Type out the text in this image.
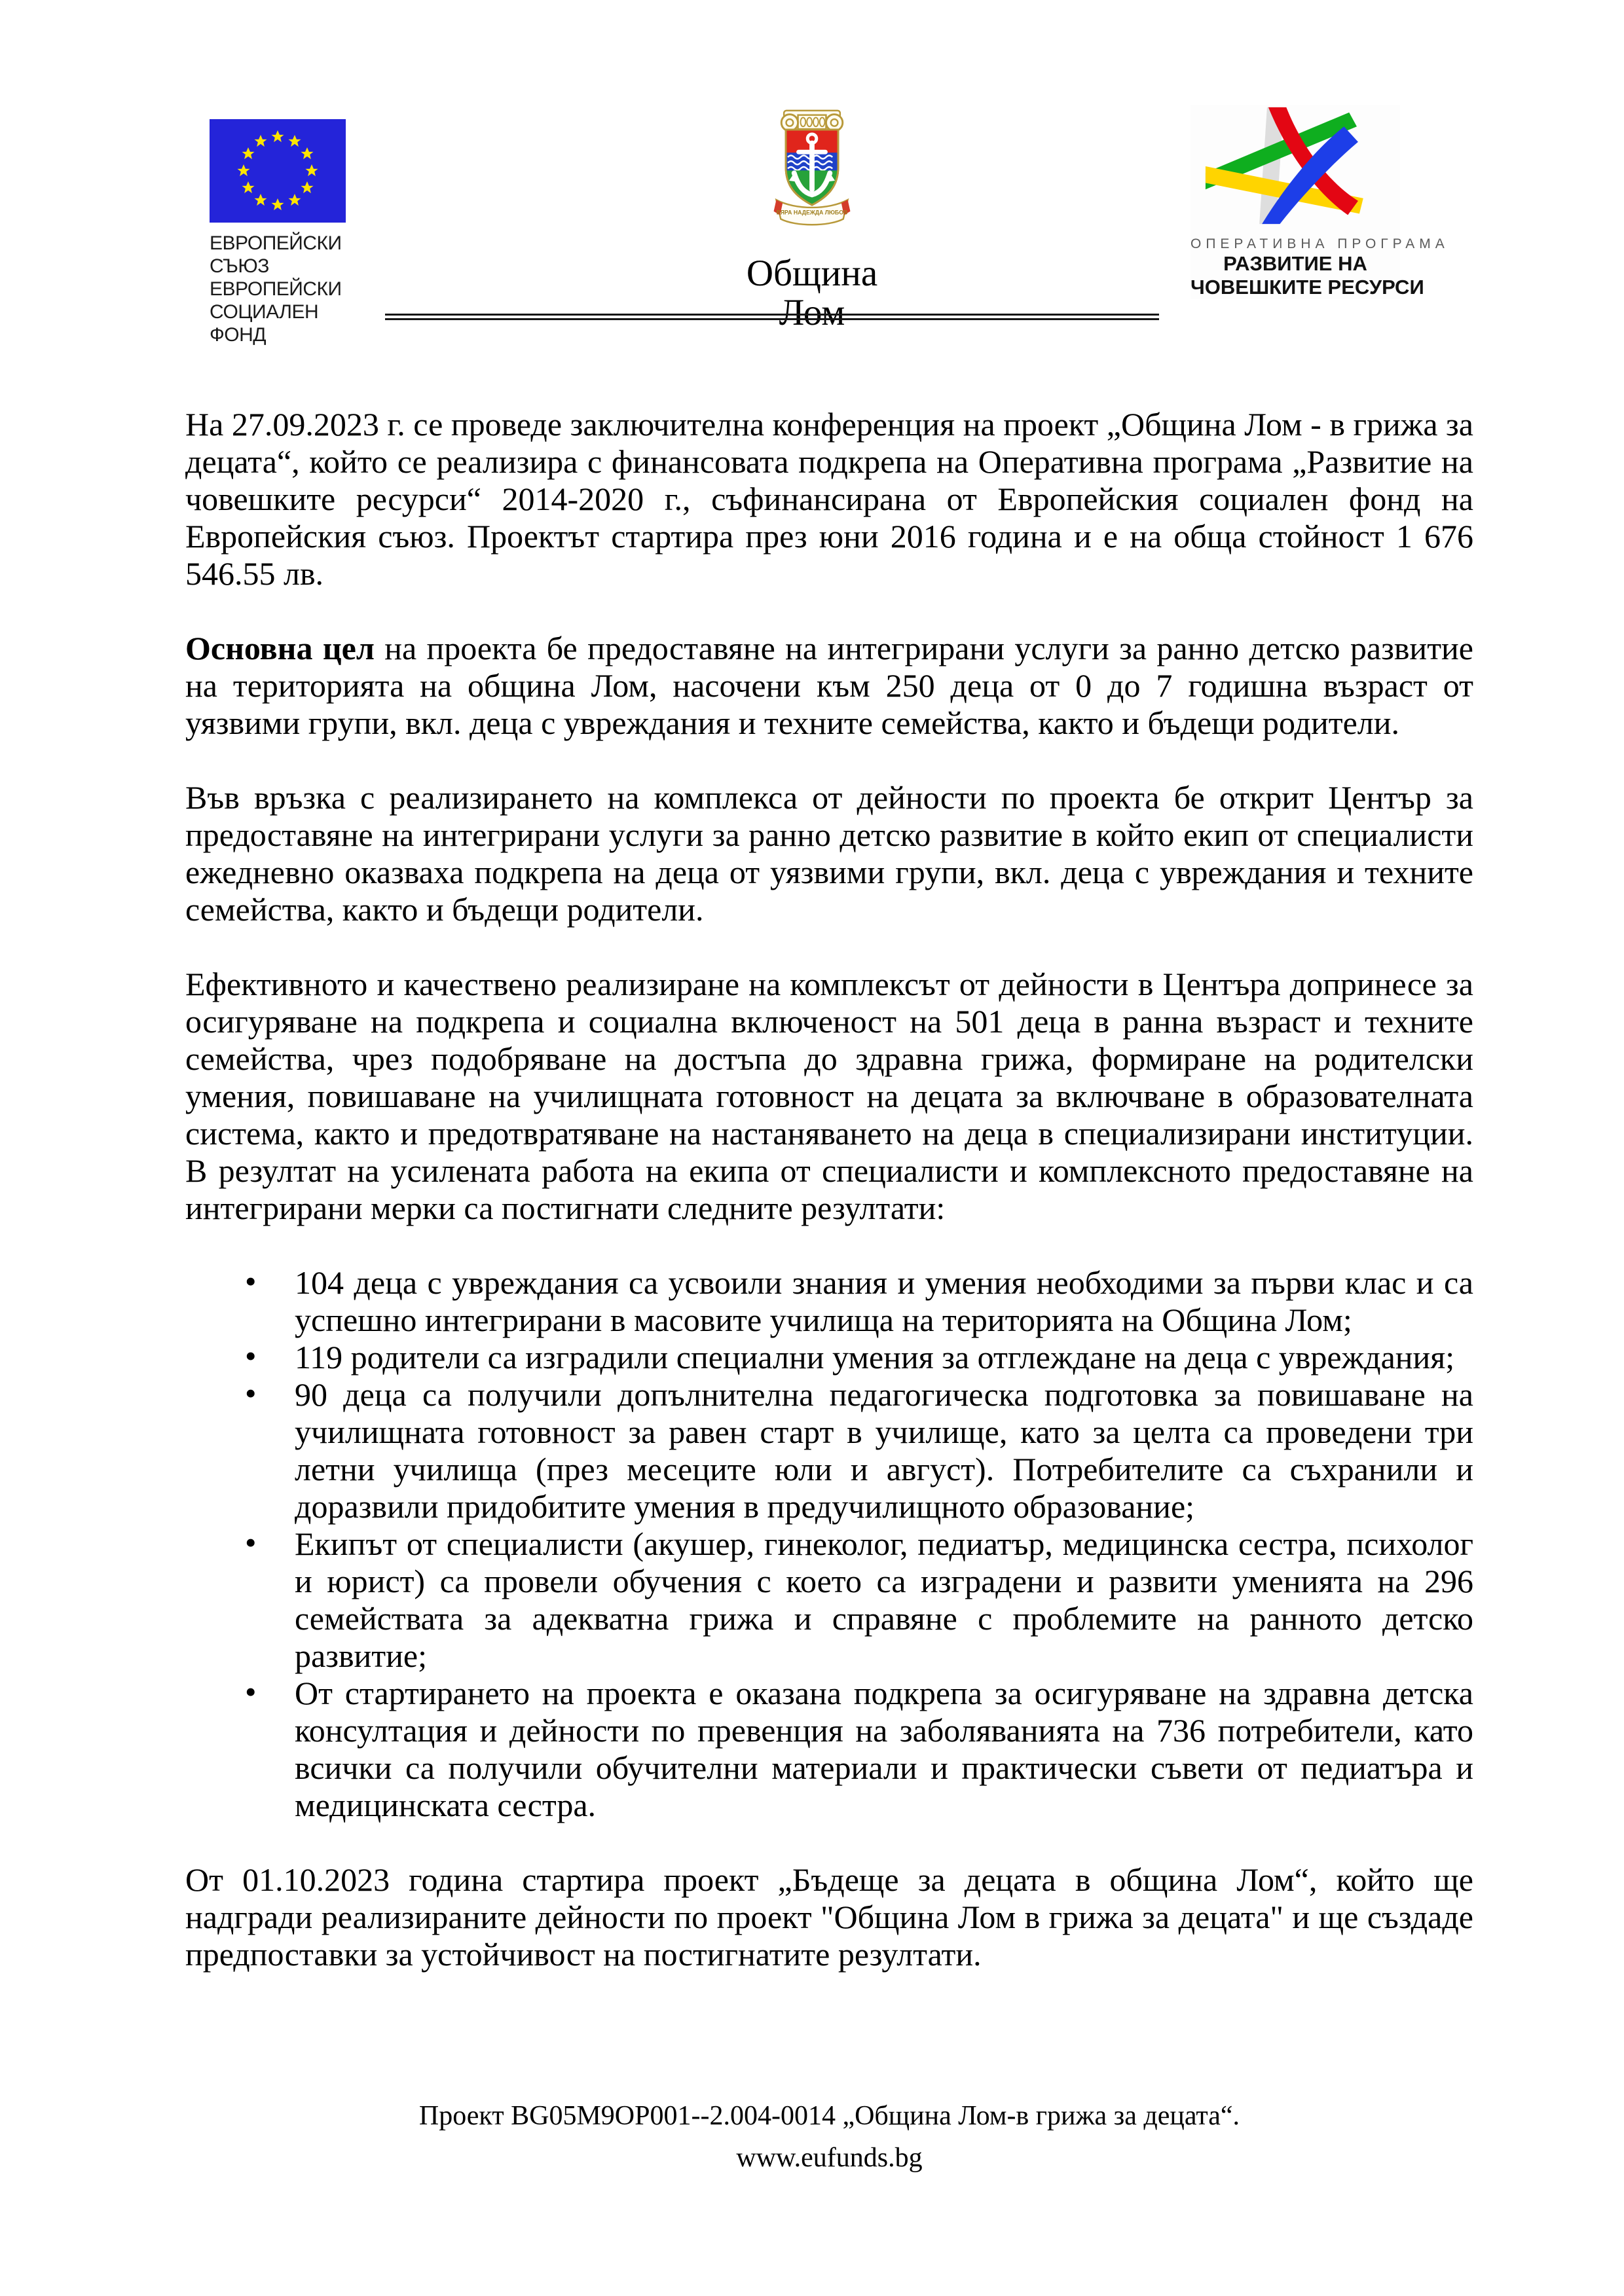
ЕВРОПЕЙСКИ СЪЮЗ
ЕВРОПЕЙСКИ
СОЦИАЛЕН ФОНД
ВЯРА НАДЕЖДА ЛЮБОВ
Община Лом
ОПЕРАТИВНА ПРОГРАМА
РАЗВИТИЕ НА
ЧОВЕШКИТЕ РЕСУРСИ

На 27.09.2023 г. се проведе заключителна конференция на проект „Община Лом - в грижа за децата“, който се реализира с финансовата подкрепа на Оперативна програма „Развитие на човешките ресурси“ 2014-2020 г., съфинансирана от Европейския социален фонд на Европейския съюз. Проектът стартира през юни 2016 година и е на обща стойност 1 676 546.55 лв.

Основна цел на проекта бе предоставяне на интегрирани услуги за ранно детско развитие на територията на община Лом, насочени към 250 деца от 0 до 7 годишна възраст от уязвими групи, вкл. деца с увреждания и техните семейства, както и бъдещи родители.

Във връзка с реализирането на комплекса от дейности по проекта бе открит Център за предоставяне на интегрирани услуги за ранно детско развитие в който екип от специалисти ежедневно оказваха подкрепа на деца от уязвими групи, вкл. деца с увреждания и техните семейства, както и бъдещи родители.

Ефективното и качествено реализиране на комплексът от дейности в Центъра допринесе за осигуряване на подкрепа и социална включеност на 501 деца в ранна възраст и техните семейства, чрез подобряване на достъпа до здравна грижа, формиране на родителски умения, повишаване на училищната готовност на децата за включване в образователната система, както и предотвратяване на настаняването на деца в специализирани институции. В резултат на усилената работа на екипа от специалисти и комплексното предоставяне на интегрирани мерки са постигнати следните резултати:

• 104 деца с увреждания са усвоили знания и умения необходими за първи клас и са успешно интегрирани в масовите училища на територията на Община Лом;
• 119 родители са изградили специални умения за отглеждане на деца с увреждания;
• 90 деца са получили допълнителна педагогическа подготовка за повишаване на училищната готовност за равен старт в училище, като за целта са проведени три летни училища (през месеците юли и август). Потребителите са съхранили и доразвили придобитите умения в предучилищното образование;
• Екипът от специалисти (акушер, гинеколог, педиатър, медицинска сестра, психолог и юрист) са провели обучения с което са изградени и развити уменията на 296 семействата за адекватна грижа и справяне с проблемите на ранното детско развитие;
• От стартирането на проекта е оказана подкрепа за осигуряване на здравна детска консултация и дейности по превенция на заболяванията на 736 потребители, като всички са получили обучителни материали и практически съвети от педиатъра и медицинската сестра.

От 01.10.2023 година стартира проект „Бъдеще за децата в община Лом“, който ще надгради реализираните дейности по проект "Община Лом в грижа за децата" и ще създаде предпоставки за устойчивост на постигнатите резултати.

Проект BG05M9OP001--2.004-0014 „Община Лом-в грижа за децата“.
www.eufunds.bg
